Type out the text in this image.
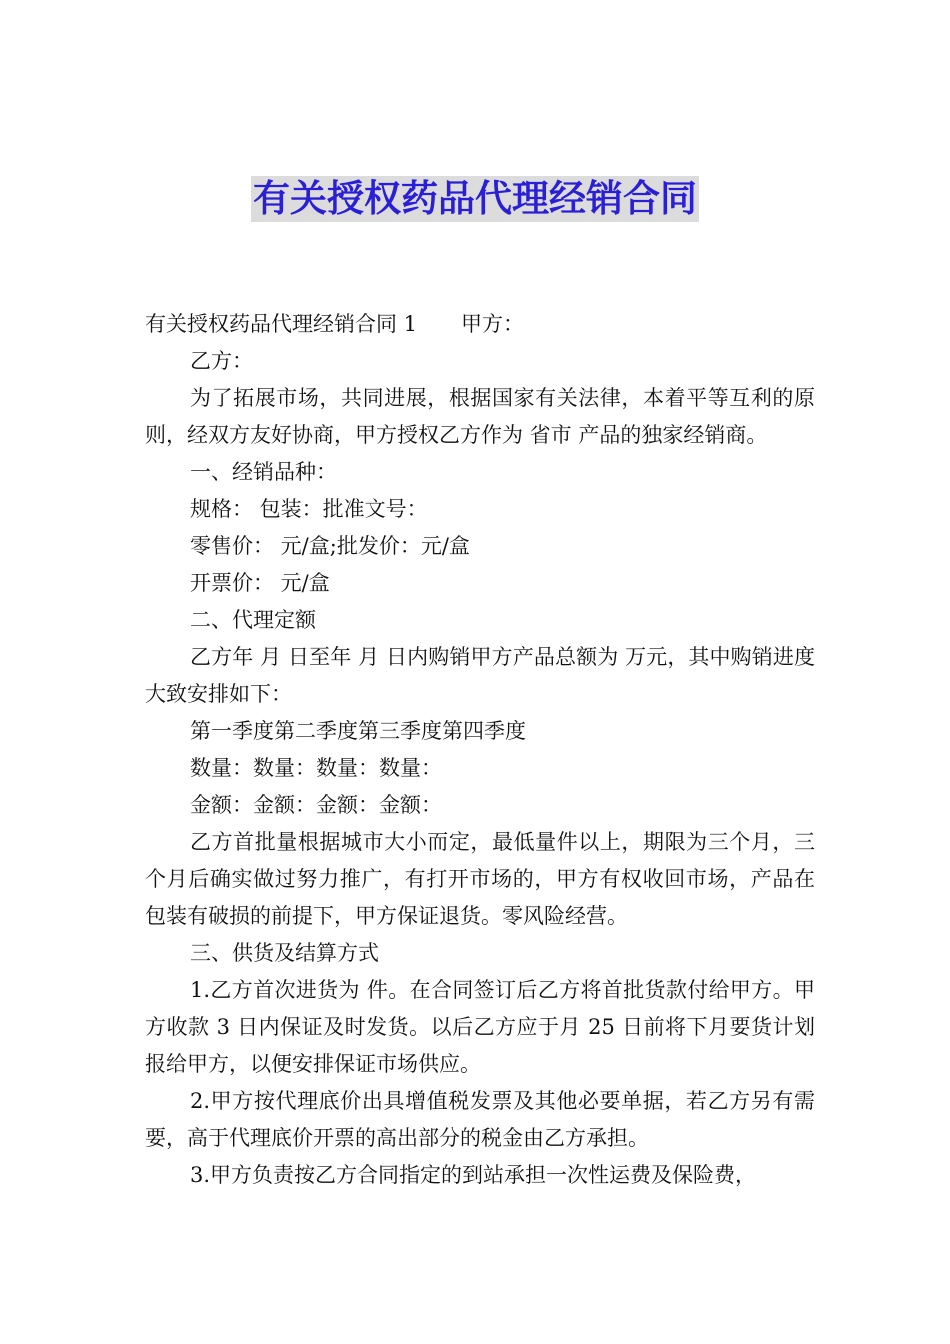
有关授权药品代理经销合同

有关授权药品代理经销合同 1 甲方：

乙方：

为了拓展市场，共同进展，根据国家有关法律，本着平等互利的原则，经双方友好协商，甲方授权乙方作为 省市 产品的独家经销商。

一、经销品种：

规格： 包装：批准文号：

零售价： 元/盒;批发价：元/盒

开票价： 元/盒

二、代理定额

乙方年 月 日至年 月 日内购销甲方产品总额为 万元，其中购销进度大致安排如下：

第一季度第二季度第三季度第四季度

数量：数量：数量：数量：

金额：金额：金额：金额：

乙方首批量根据城市大小而定，最低量件以上，期限为三个月，三个月后确实做过努力推广，有打开市场的，甲方有权收回市场，产品在包装有破损的前提下，甲方保证退货。零风险经营。

三、供货及结算方式

1.乙方首次进货为 件。在合同签订后乙方将首批货款付给甲方。甲方收款 3 日内保证及时发货。以后乙方应于月 25 日前将下月要货计划报给甲方，以便安排保证市场供应。

2.甲方按代理底价出具增值税发票及其他必要单据，若乙方另有需要，高于代理底价开票的高出部分的税金由乙方承担。

3.甲方负责按乙方合同指定的到站承担一次性运费及保险费，
